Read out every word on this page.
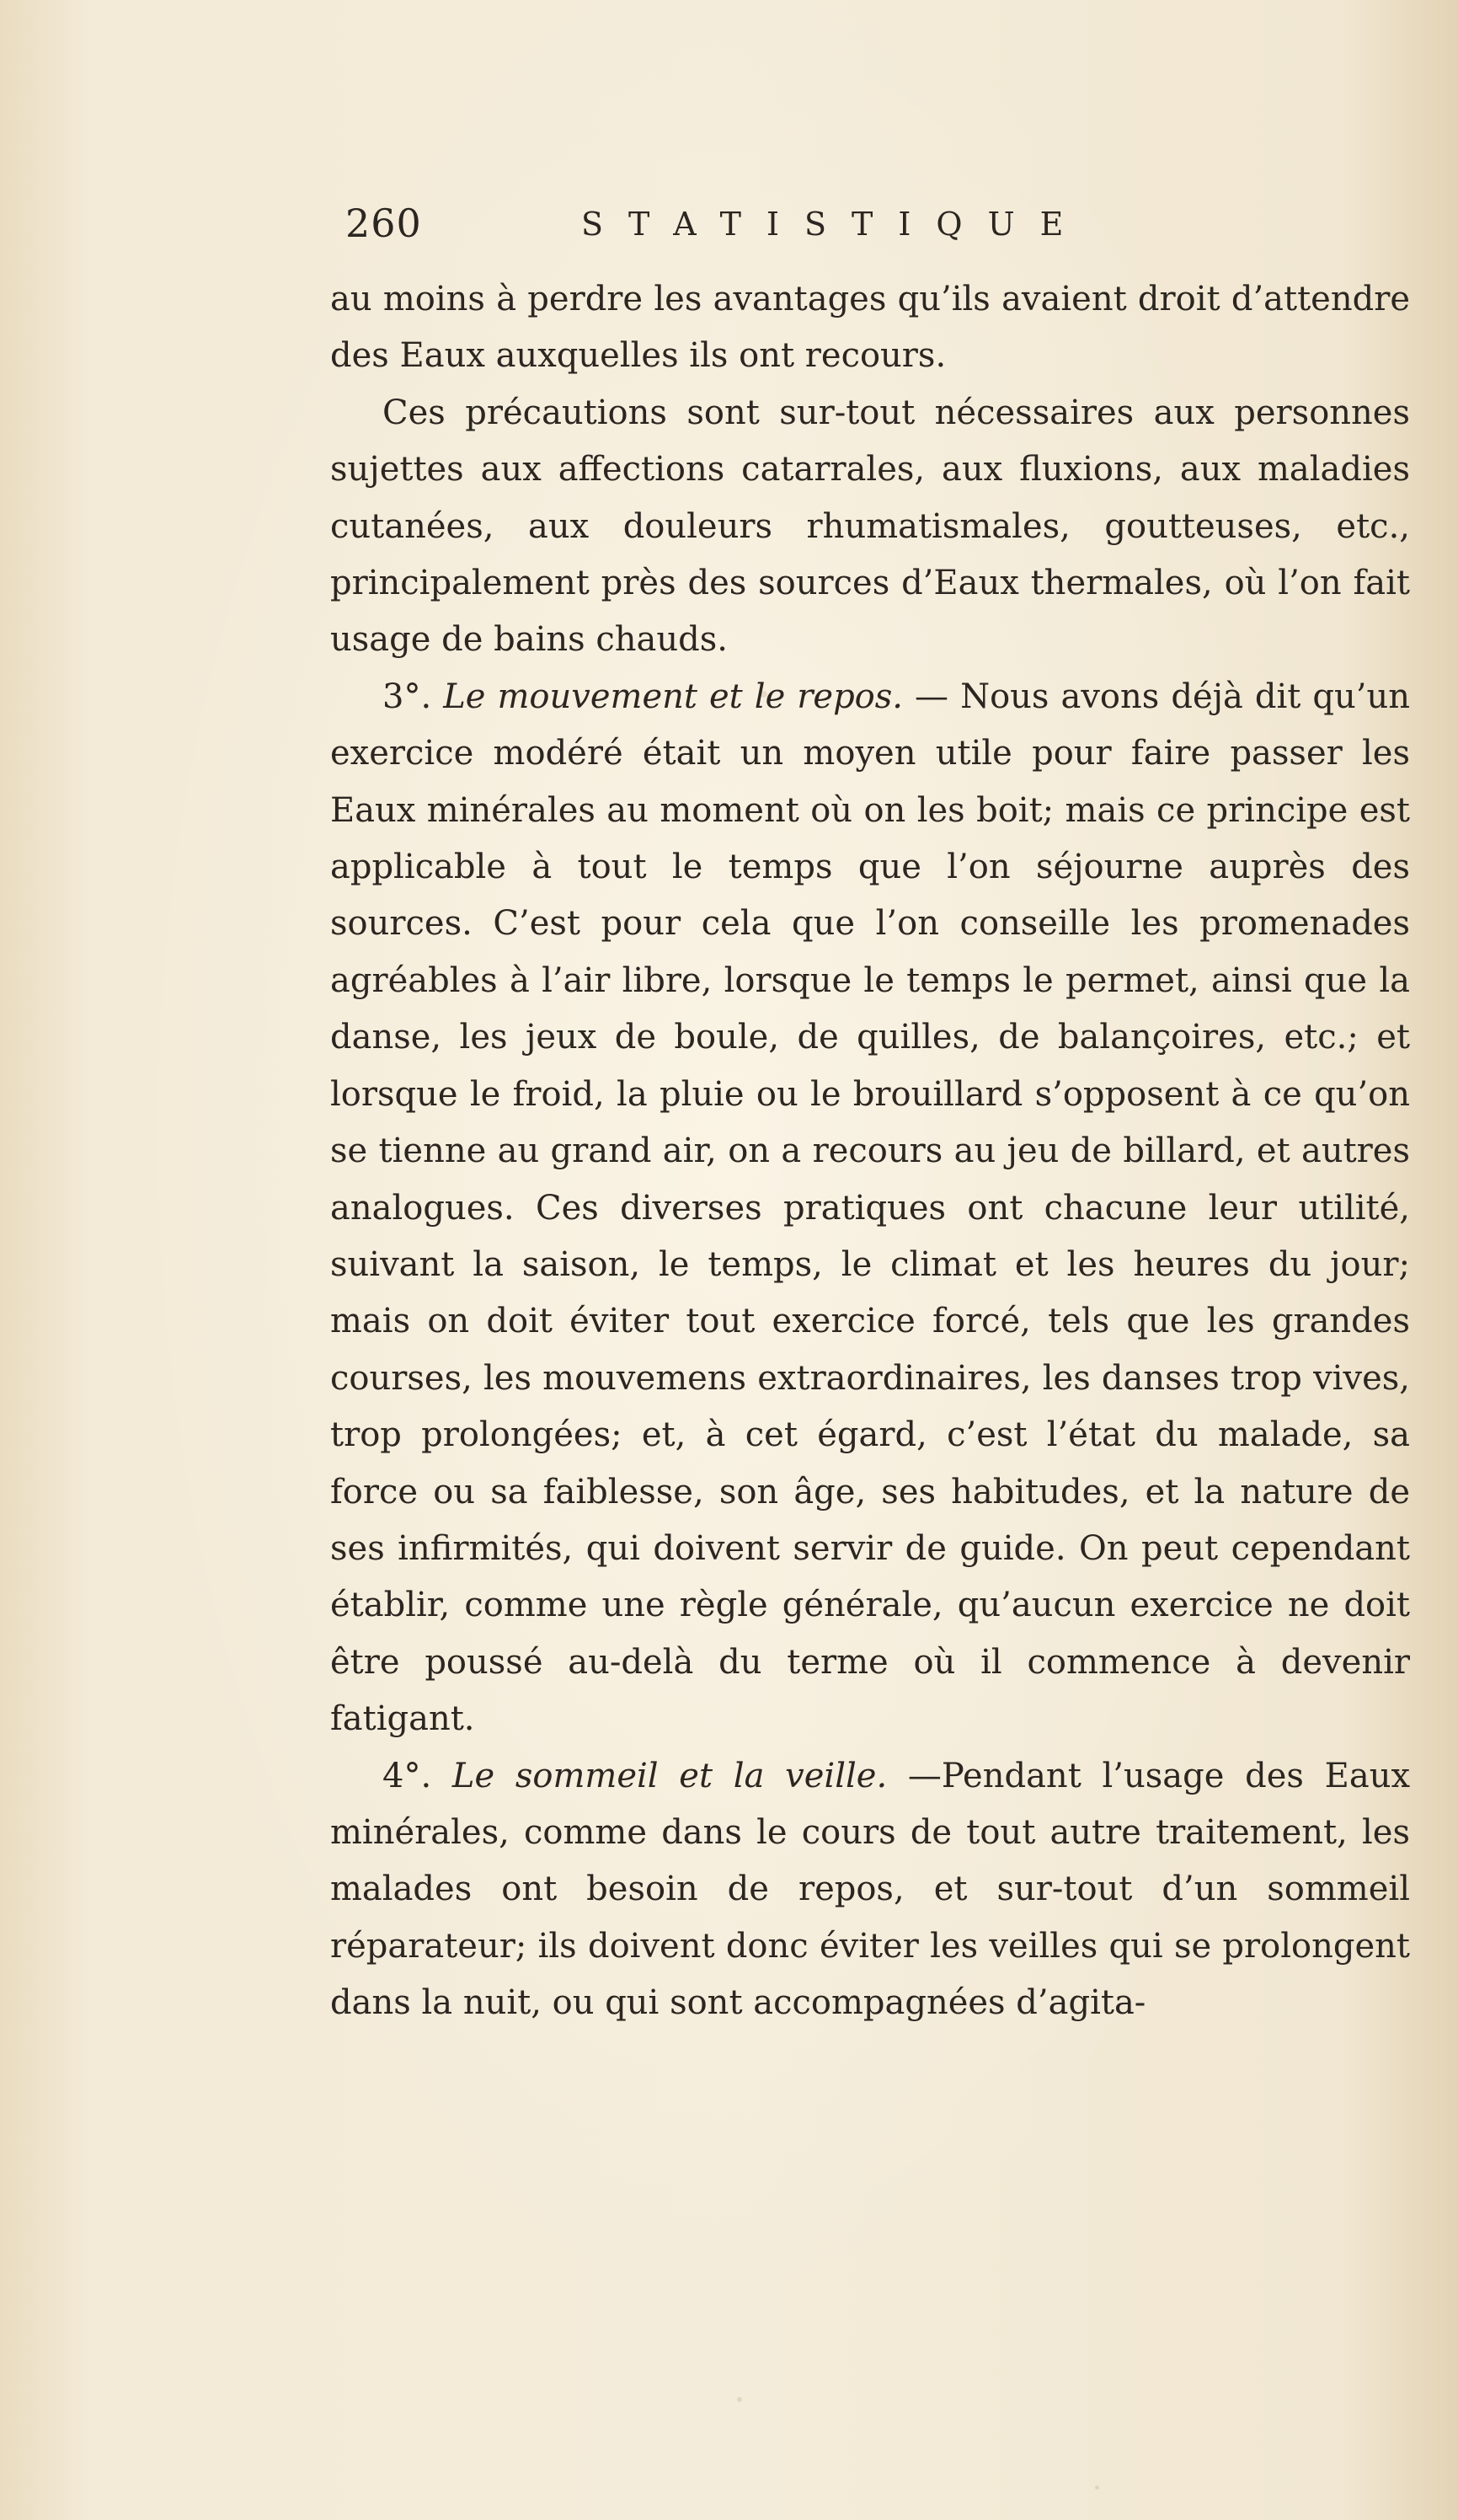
260	STATISTIQUE

au moins à perdre les avantages qu’ils avaient droit d’attendre des Eaux auxquelles ils ont recours.

Ces précautions sont sur-tout nécessaires aux personnes sujettes aux affections catarrales, aux fluxions, aux maladies cutanées, aux douleurs rhumatismales, goutteuses, etc., principalement près des sources d’Eaux thermales, où l’on fait usage de bains chauds.

3°. Le mouvement et le repos. — Nous avons déjà dit qu’un exercice modéré était un moyen utile pour faire passer les Eaux minérales au moment où on les boit; mais ce principe est applicable à tout le temps que l’on séjourne auprès des sources. C’est pour cela que l’on conseille les promenades agréables à l’air libre, lorsque le temps le permet, ainsi que la danse, les jeux de boule, de quilles, de balançoires, etc.; et lorsque le froid, la pluie ou le brouillard s’opposent à ce qu’on se tienne au grand air, on a recours au jeu de billard, et autres analogues. Ces diverses pratiques ont chacune leur utilité, suivant la saison, le temps, le climat et les heures du jour; mais on doit éviter tout exercice forcé, tels que les grandes courses, les mouvemens extraordinaires, les danses trop vives, trop prolongées; et, à cet égard, c’est l’état du malade, sa force ou sa faiblesse, son âge, ses habitudes, et la nature de ses infirmités, qui doivent servir de guide. On peut cependant établir, comme une règle générale, qu’aucun exercice ne doit être poussé au-delà du terme où il commence à devenir fatigant.

4°. Le sommeil et la veille. —Pendant l’usage des Eaux minérales, comme dans le cours de tout autre traitement, les malades ont besoin de repos, et sur-tout d’un sommeil réparateur; ils doivent donc éviter les veilles qui se prolongent dans la nuit, ou qui sont accompagnées d’agita-
